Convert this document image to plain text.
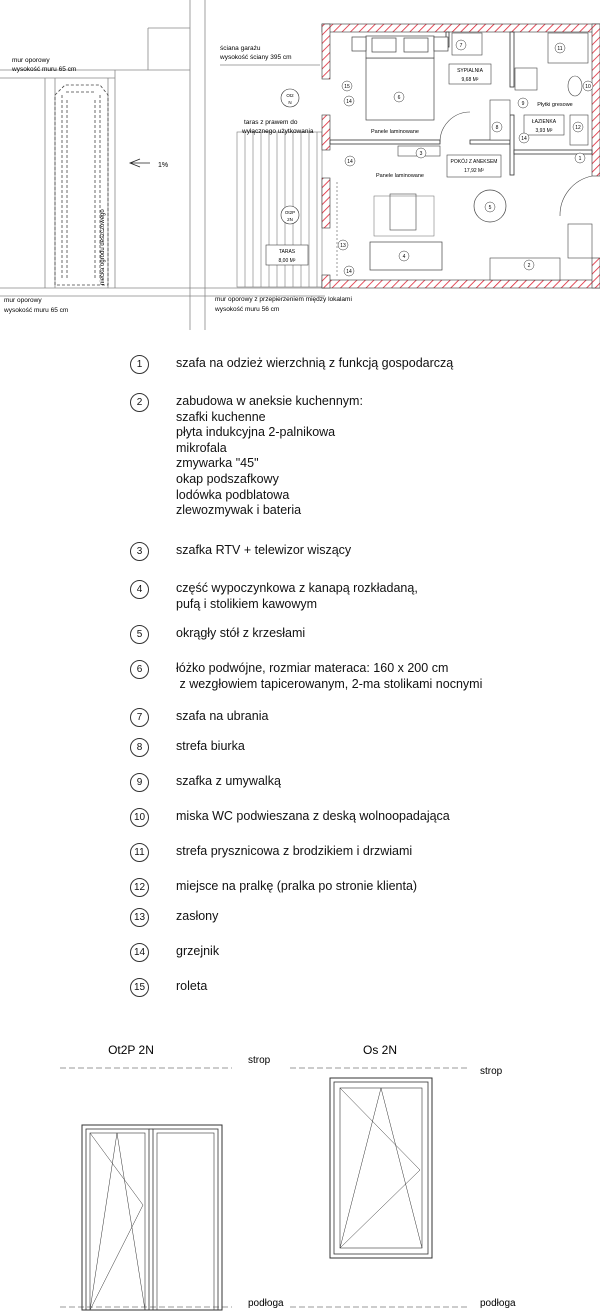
mur oporowy
wysokość muru 65 cm
mur oporowy
wysokość muru 65 cm
niecka ogrodu deszczowego
1%
ściana garażu
wysokość ściany 395 cm
mur oporowy z przepierzeniem między lokalami
wysokość muru 56 cm
taras z prawem do
wyłącznego użytkowania
TARAS
8,00 M²
Ot2
N
Ot2P
2N
SYPIALNIA
9,68 M²
Panele laminowane
Płytki gresowe
ŁAZIENKA
3,93 M²
POKÓJ Z ANEKSEM
17,92 M²
Panele laminowane
1
2
3
4
5
6
7
8
9
10
11
12
13
14
14
14
14
15
1	szafa na odzież wierzchnią z funkcją gospodarczą
2	zabudowa w aneksie kuchennym:
szafki kuchenne
płyta indukcyjna 2-palnikowa
mikrofala
zmywarka "45"
okap podszafkowy
lodówka podblatowa
zlewozmywak i bateria
3	szafka RTV + telewizor wiszący
4	część wypoczynkowa z kanapą rozkładaną,
pufą i stolikiem kawowym
5	okrągły stół z krzesłami
6	łóżko podwójne, rozmiar materaca: 160 x 200 cm
z wezgłowiem tapicerowanym, 2-ma stolikami nocnymi
7	szafa na ubrania
8	strefa biurka
9	szafka z umywalką
10	miska WC podwieszana z deską wolnoopadająca
11	strefa prysznicowa z brodzikiem i drzwiami
12	miejsce na pralkę (pralka po stronie klienta)
13	zasłony
14	grzejnik
15	roleta
Ot2P 2N	Os 2N
strop
strop
podłoga	podłoga
